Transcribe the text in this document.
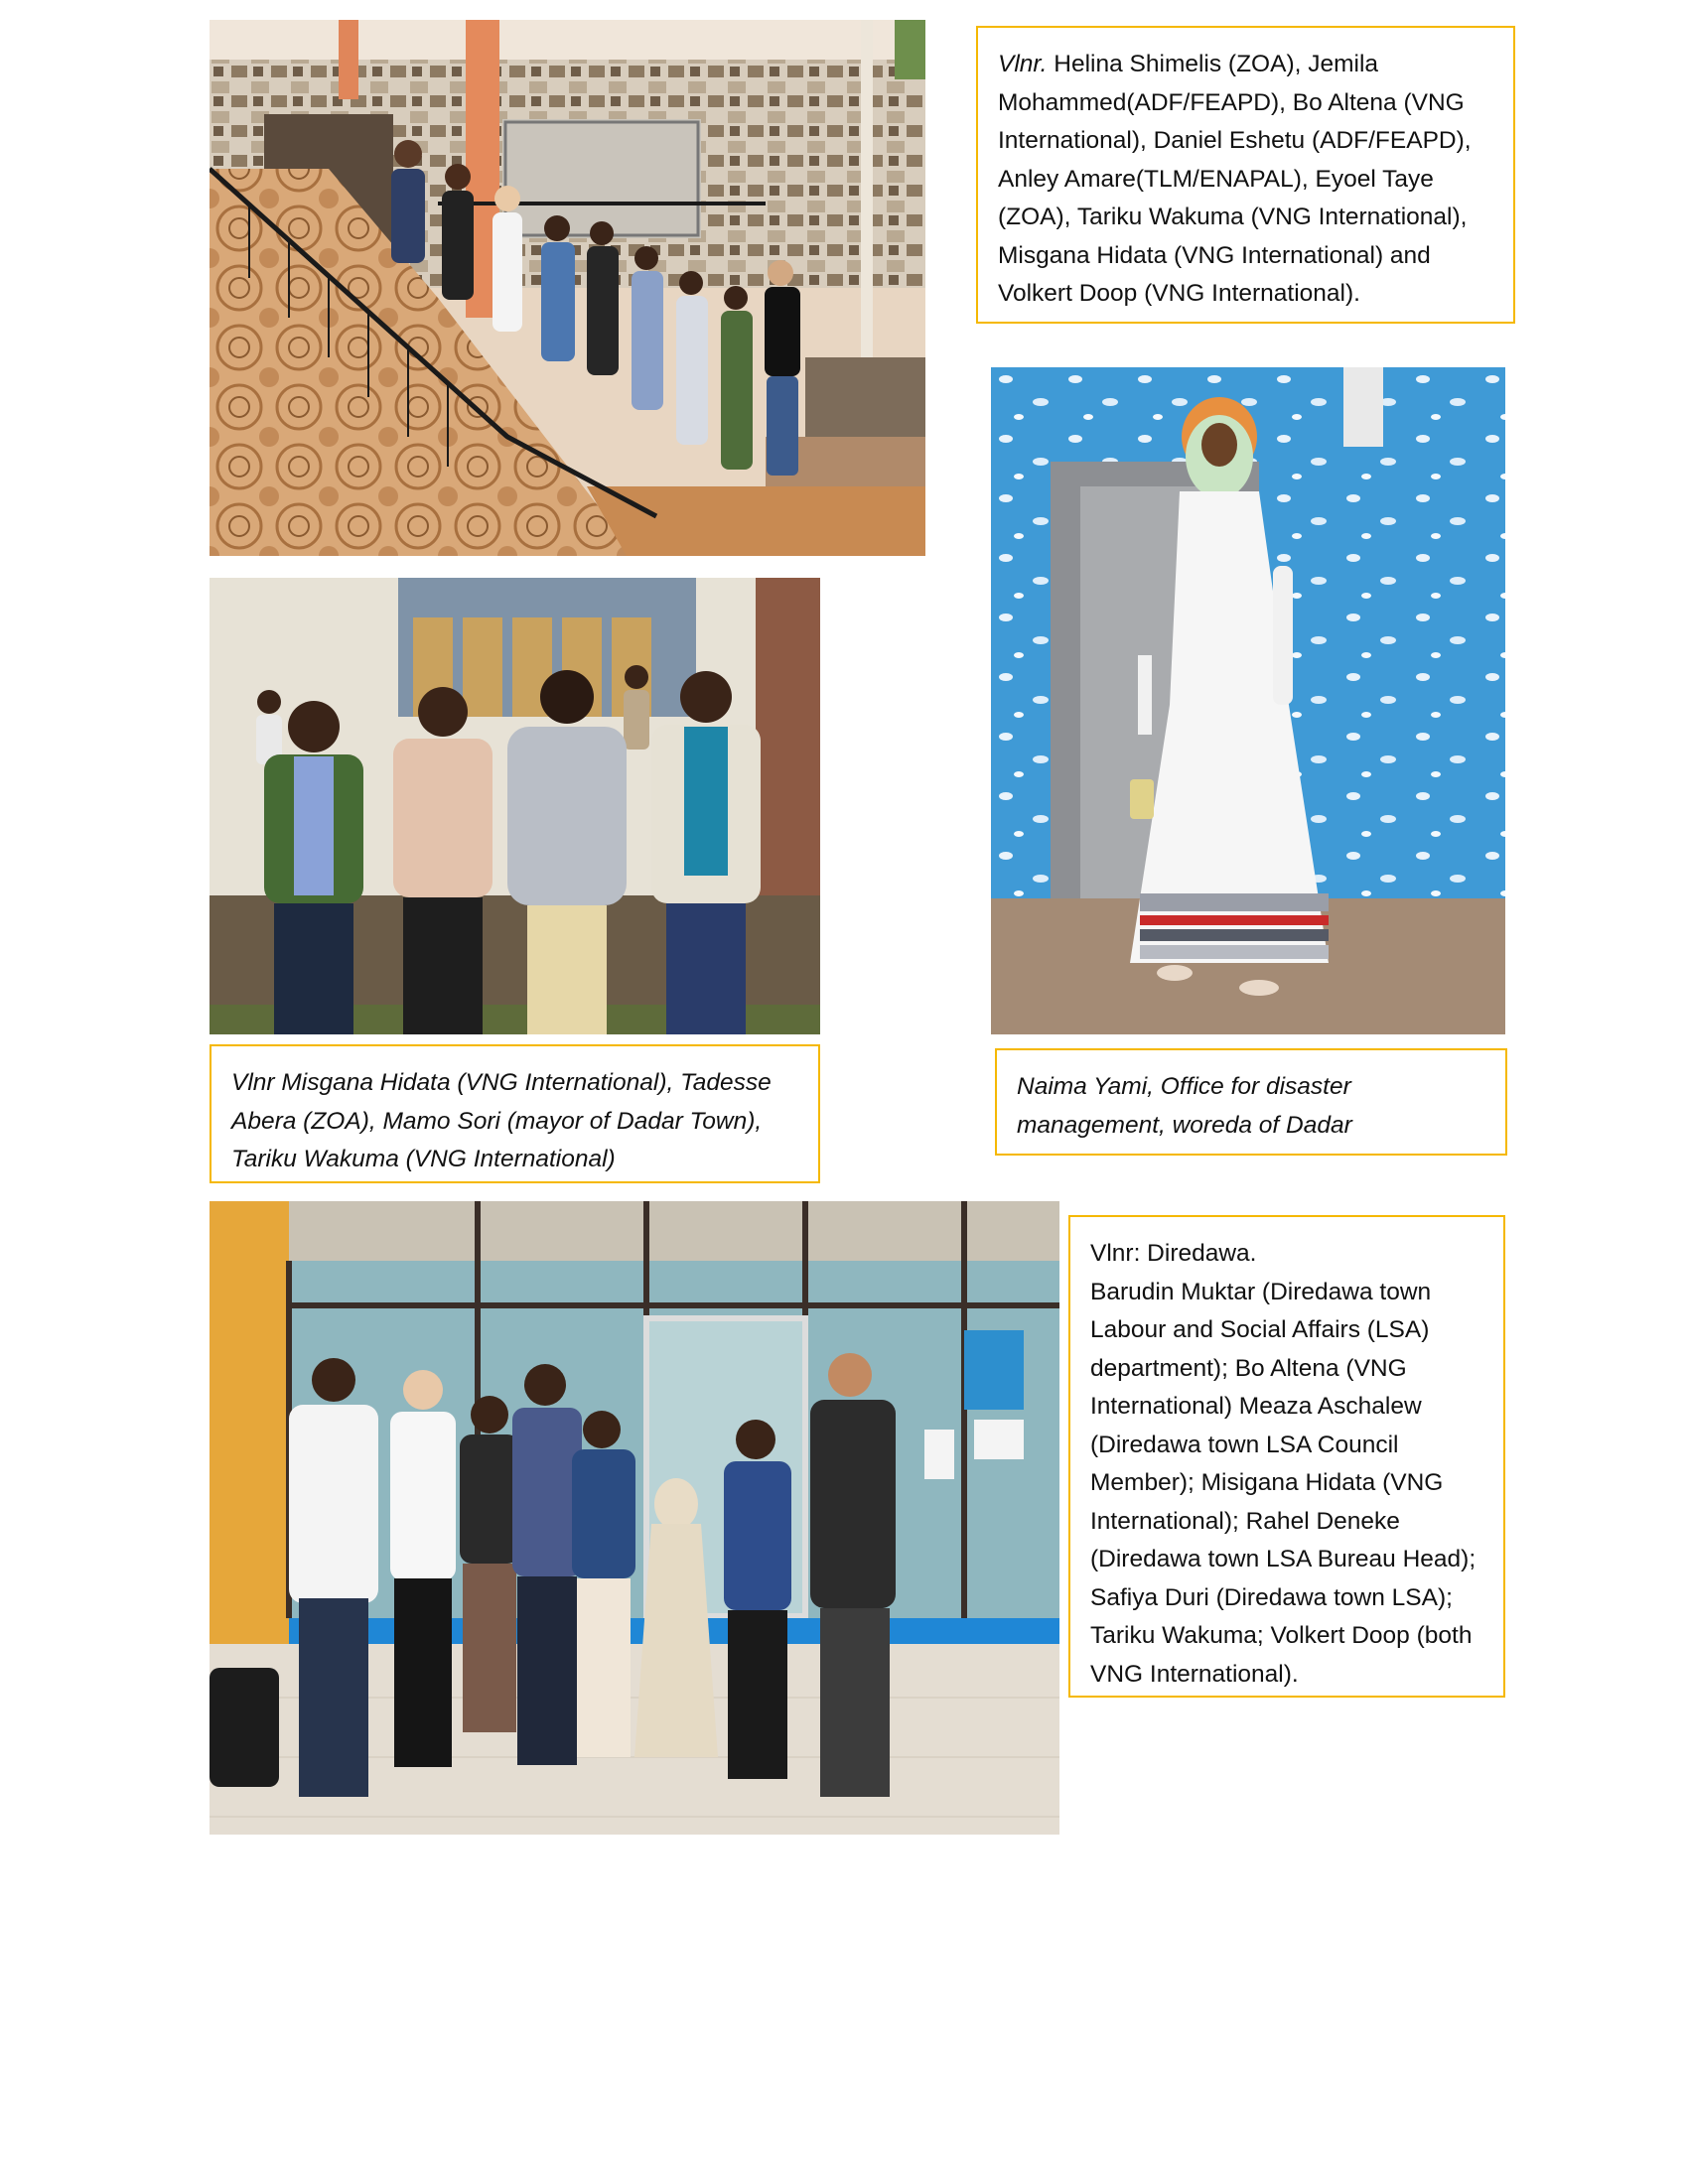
Vlnr. Helina Shimelis (ZOA), Jemila Mohammed(ADF/FEAPD), Bo Altena (VNG International), Daniel Eshetu (ADF/FEAPD), Anley Amare(TLM/ENAPAL), Eyoel Taye (ZOA), Tariku Wakuma (VNG International), Misgana Hidata (VNG International) and Volkert Doop (VNG International).

Vlnr Misgana Hidata (VNG International), Tadesse Abera (ZOA), Mamo Sori (mayor of Dadar Town), Tariku Wakuma (VNG International)

Naima Yami, Office for disaster management, woreda of Dadar

Vlnr: Diredawa.

Barudin Muktar (Diredawa town Labour and Social Affairs (LSA) department); Bo Altena (VNG International) Meaza Aschalew (Diredawa town LSA Council Member); Misigana Hidata (VNG International); Rahel Deneke (Diredawa town LSA Bureau Head); Safiya Duri (Diredawa town LSA); Tariku Wakuma; Volkert Doop (both VNG International).
